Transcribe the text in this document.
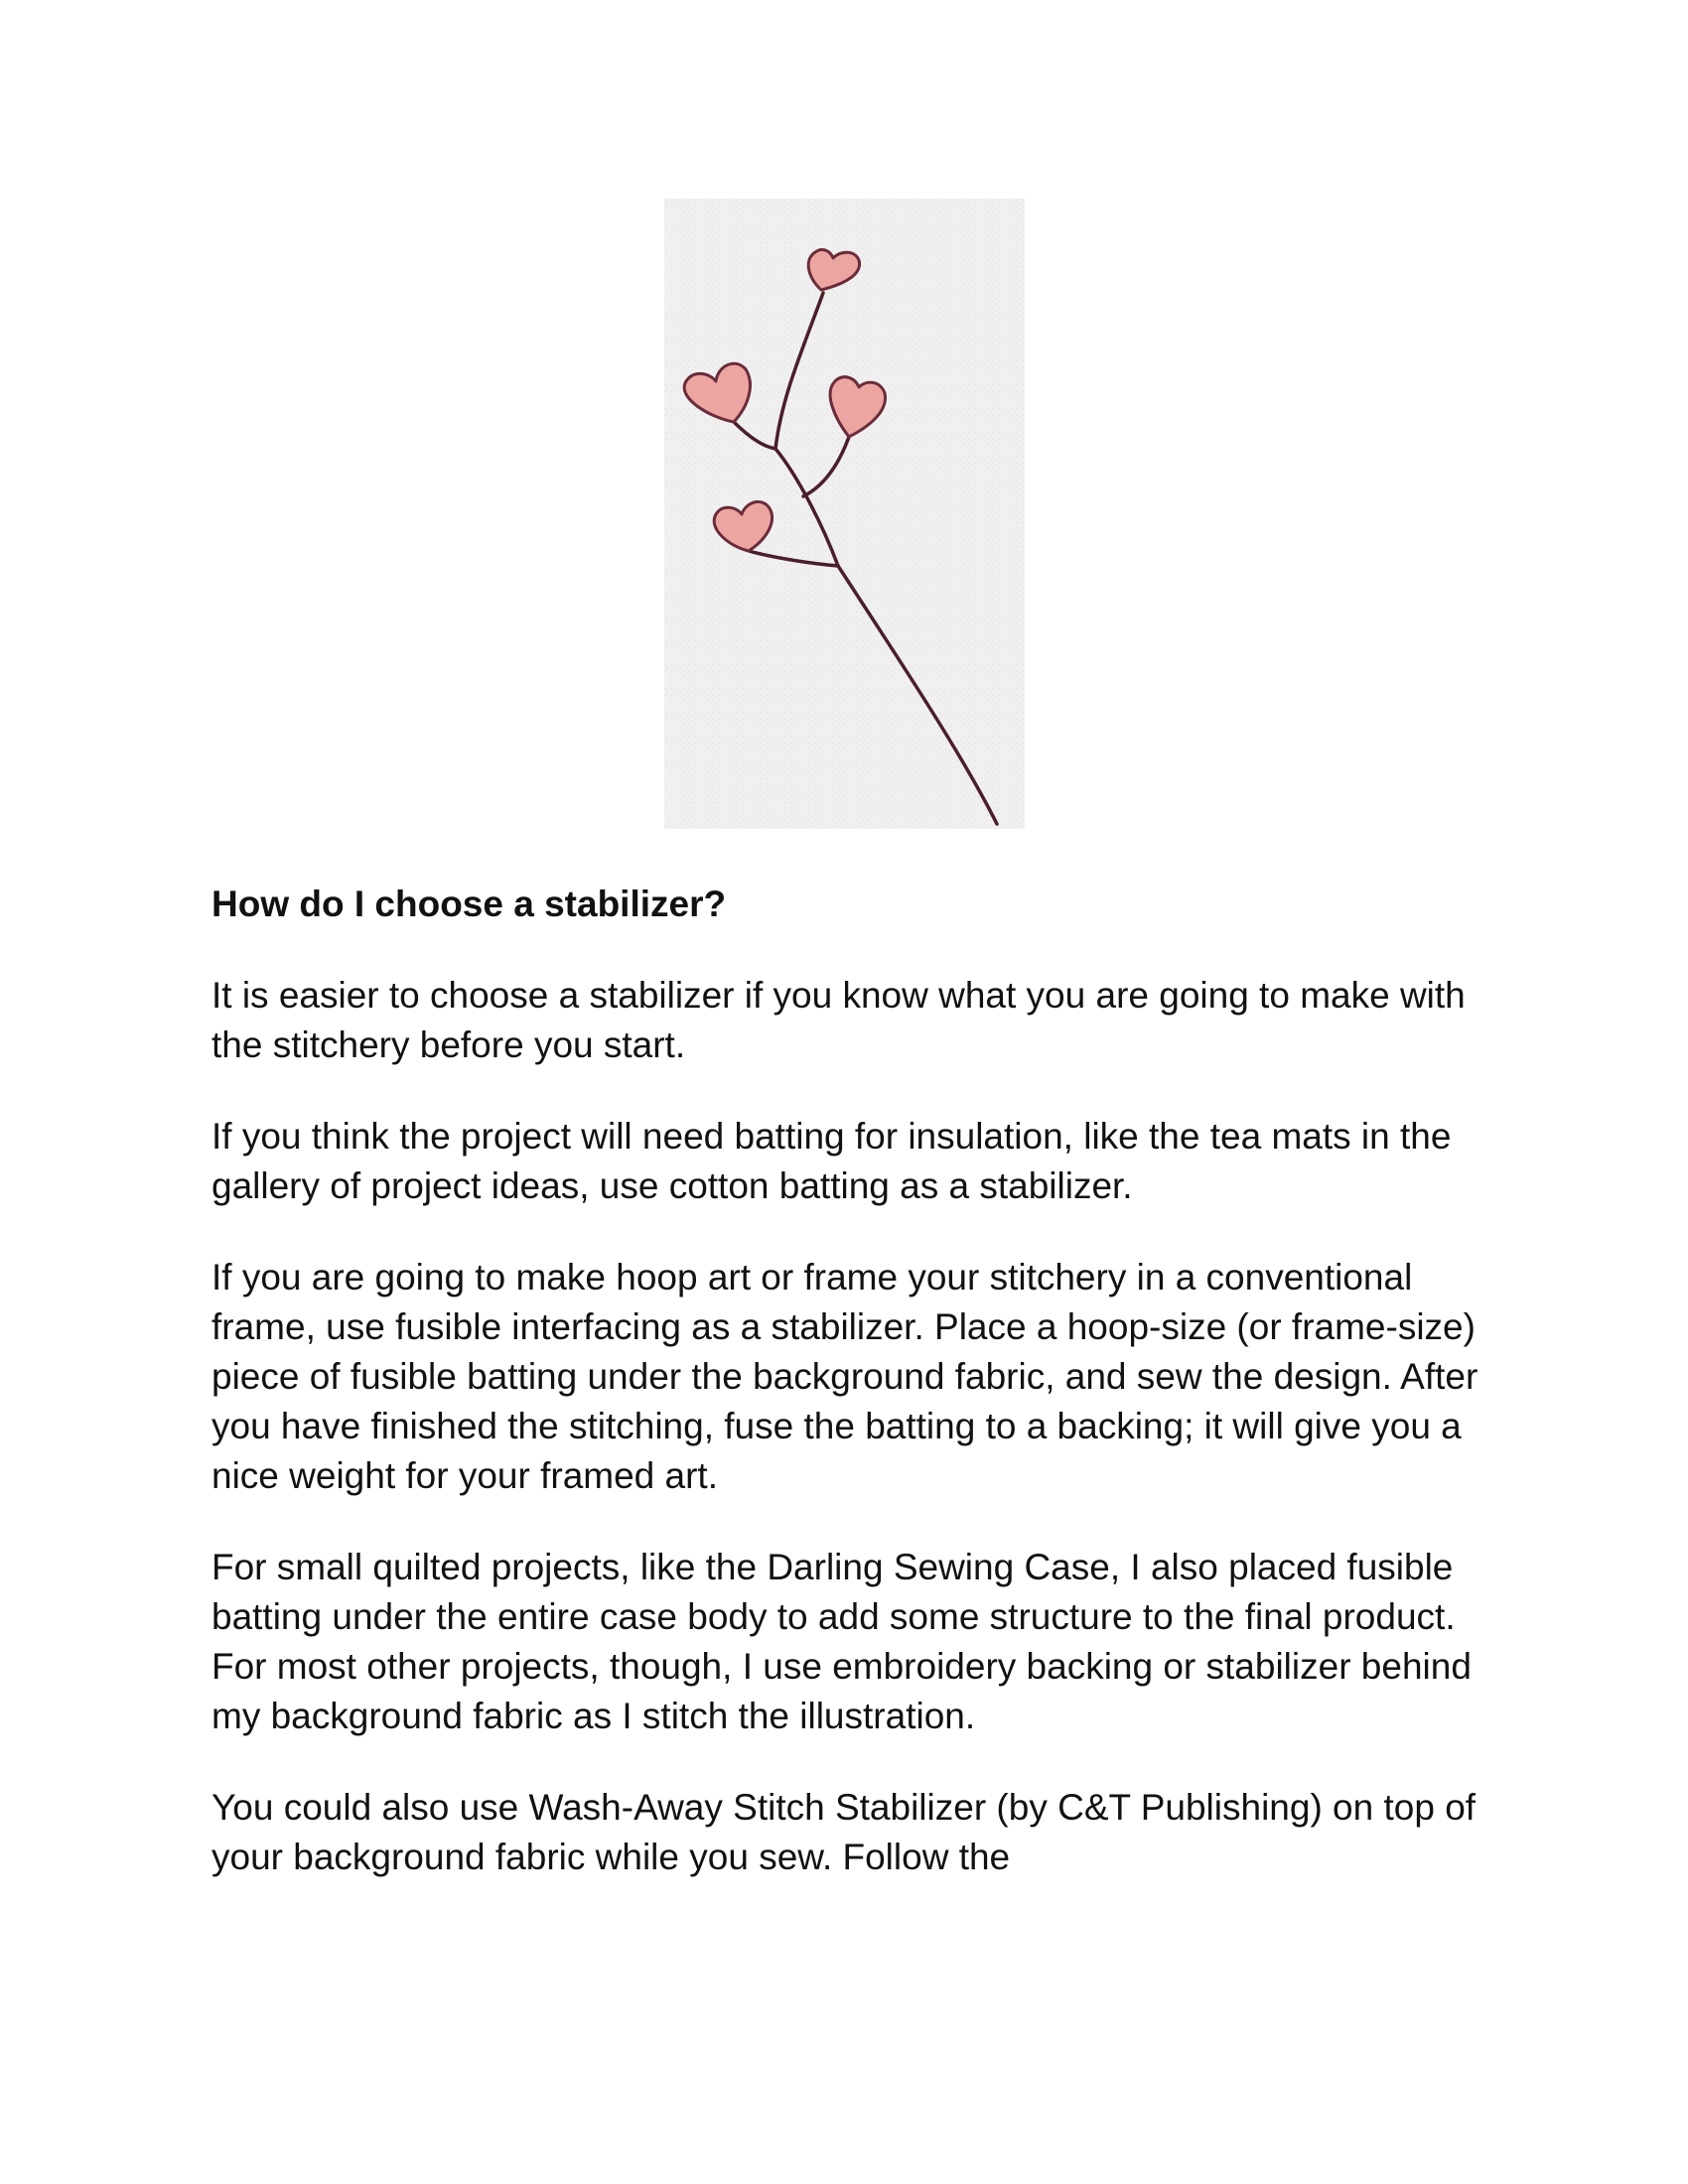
How do I choose a stabilizer?

It is easier to choose a stabilizer if you know what you are going to make with the stitchery before you start.

If you think the project will need batting for insulation, like the tea mats in the gallery of project ideas, use cotton batting as a stabilizer.

If you are going to make hoop art or frame your stitchery in a conventional frame, use fusible interfacing as a stabilizer. Place a hoop-size (or frame-size) piece of fusible batting under the background fabric, and sew the design. After you have finished the stitching, fuse the batting to a backing; it will give you a nice weight for your framed art.

For small quilted projects, like the Darling Sewing Case, I also placed fusible batting under the entire case body to add some structure to the final product. For most other projects, though, I use embroidery backing or stabilizer behind my background fabric as I stitch the illustration.

You could also use Wash-Away Stitch Stabilizer (by C&T Publishing) on top of your background fabric while you sew. Follow the
